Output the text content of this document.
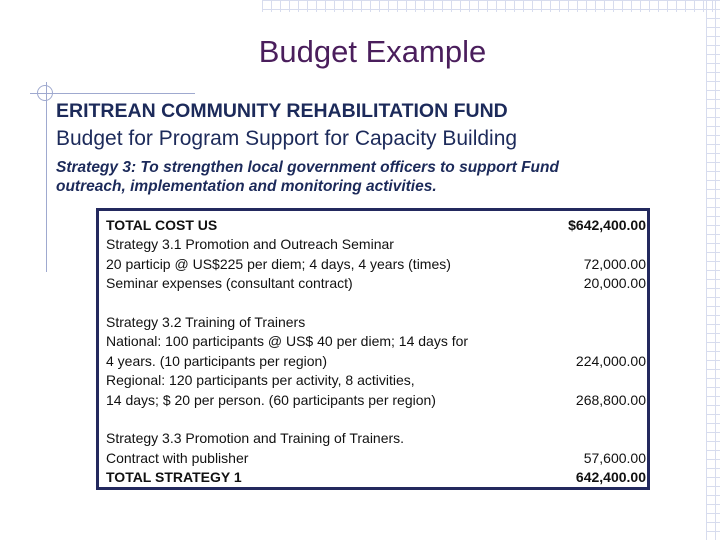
Budget Example
ERITREAN COMMUNITY REHABILITATION FUND
Budget for Program Support for Capacity Building
Strategy 3: To strengthen local government officers to support Fund
outreach, implementation and monitoring activities.
TOTAL COST US	$642,400.00
Strategy 3.1 Promotion and Outreach Seminar
20 particip @ US$225 per diem; 4 days, 4 years (times)	72,000.00
Seminar expenses (consultant contract)	20,000.00
Strategy 3.2 Training of Trainers
National: 100 participants @ US$ 40 per diem; 14 days for
4 years. (10 participants per region)	224,000.00
Regional: 120 participants per activity, 8 activities,
14 days; $ 20 per person. (60 participants per region)	268,800.00
Strategy 3.3 Promotion and Training of Trainers.
Contract with publisher	57,600.00
TOTAL STRATEGY 1	642,400.00
